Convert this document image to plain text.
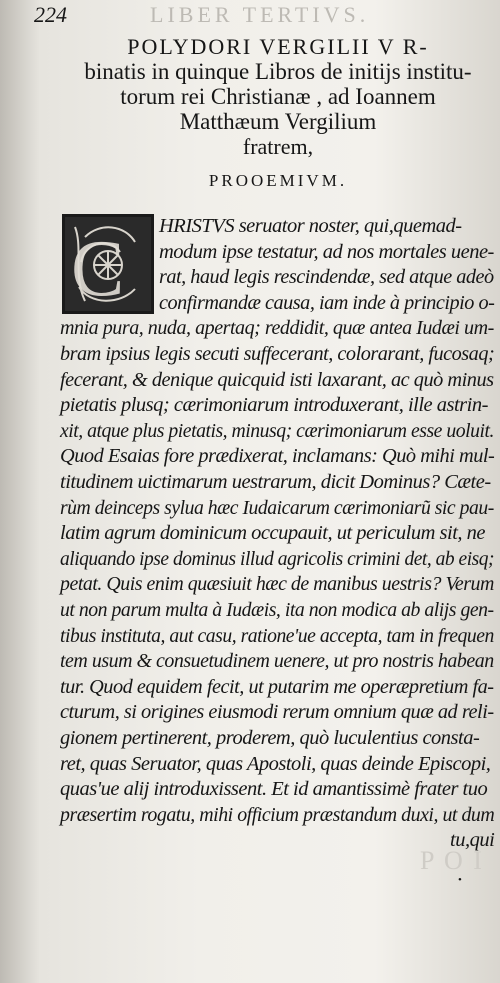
224	LIBER TERTIVS.
POLYDORI VERGILII V R-
binatis in quinque Libros de initijs institu-
torum rei Christianæ , ad Ioannem
Matthæum Vergilium
fratrem,
PROOEMIVM.
C HRISTVS seruator noster, qui,quemad-
modum ipse testatur, ad nos mortales uene-
rat, haud legis rescindendæ, sed atque adeò
confirmandæ causa, iam inde à principio o-
mnia pura, nuda, apertaq; reddidit, quæ antea Iudæi um-
bram ipsius legis secuti suffecerant, colorarant, fucosaq;
fecerant, & denique quicquid isti laxarant, ac quò minus
pietatis plusq; cærimoniarum introduxerant, ille astrin-
xit, atque plus pietatis, minusq; cærimoniarum esse uoluit.
Quod Esaias fore prædixerat, inclamans: Quò mihi mul-
titudinem uictimarum uestrarum, dicit Dominus? Cæte-
rùm deinceps sylua hæc Iudaicarum cærimoniarũ sic pau-
latim agrum dominicum occupauit, ut periculum sit, ne
aliquando ipse dominus illud agricolis crimini det, ab eisq;
petat. Quis enim quæsiuit hæc de manibus uestris? Verum
ut non parum multa à Iudæis, ita non modica ab alijs gen-
tibus instituta, aut casu, ratione'ue accepta, tam in frequen
tem usum & consuetudinem uenere, ut pro nostris habean
tur. Quod equidem fecit, ut putarim me operæpretium fa-
cturum, si origines eiusmodi rerum omnium quæ ad reli-
gionem pertinerent, proderem, quò luculentius consta-
ret, quas Seruator, quas Apostoli, quas deinde Episcopi,
quas'ue alij introduxissent. Et id amantissimè frater tuo
præsertim rogatu, mihi officium præstandum duxi, ut dum
tu,qui
P O I
•
